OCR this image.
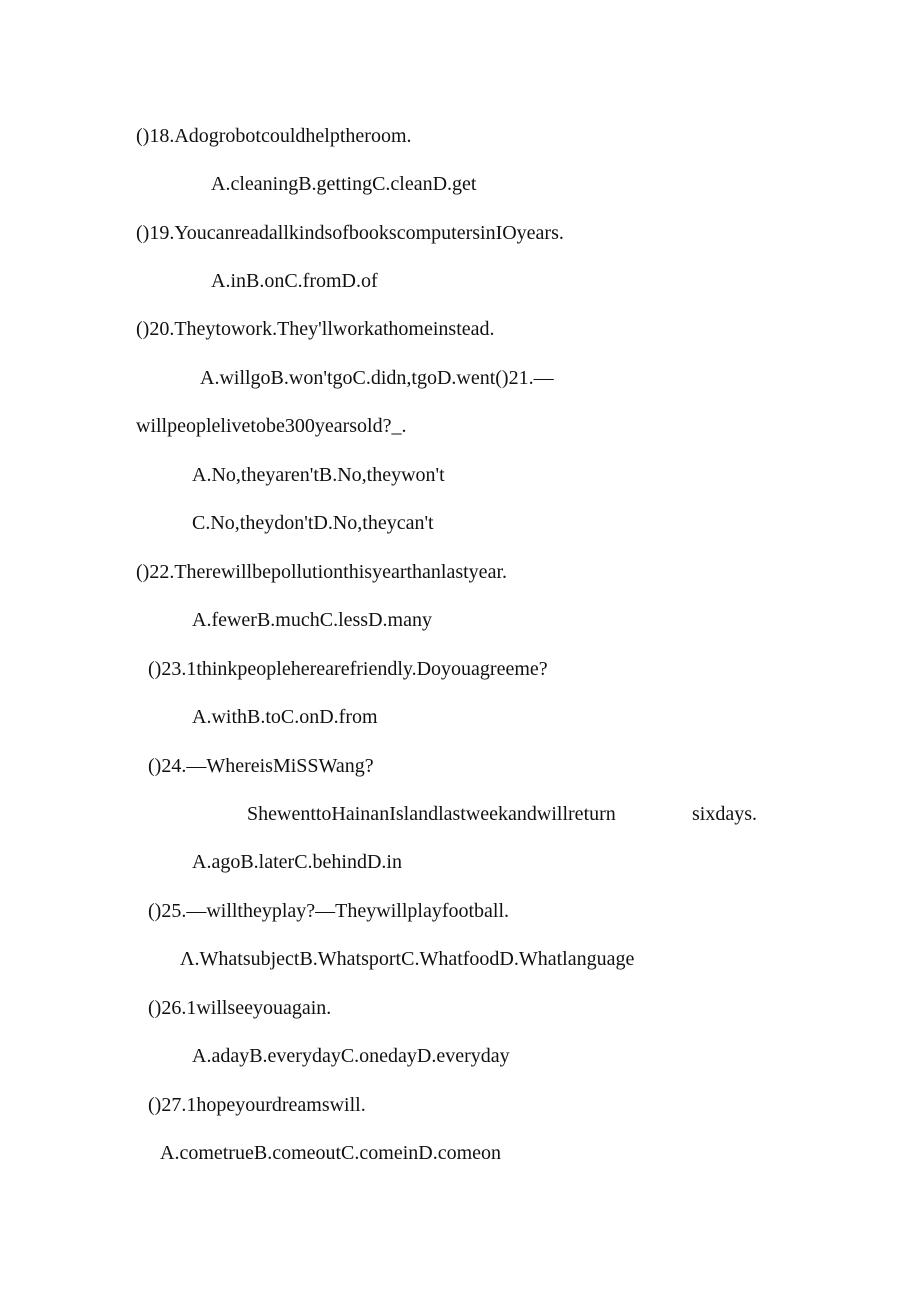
()18.Adogrobotcouldhelptheroom.
A.cleaningB.gettingC.cleanD.get
()19.YoucanreadallkindsofbookscomputersinIOyears.
A.inB.onC.fromD.of
()20.Theytowork.They'llworkathomeinstead.
A.willgoB.won'tgoC.didn,tgoD.went()21.—
willpeoplelivetobe300yearsold?_.
A.No,theyaren'tB.No,theywon't
C.No,theydon'tD.No,theycan't
()22.Therewillbepollutionthisyearthanlastyear.
A.fewerB.muchC.lessD.many
()23.1thinkpeopleherearefriendly.Doyouagreeme?
A.withB.toC.onD.from
()24.—WhereisMiSSWang?
ShewenttoHainanIslandlastweekandwillreturn	sixdays.
A.agoB.laterC.behindD.in
()25.—willtheyplay?—Theywillplayfootball.
Λ.WhatsubjectB.WhatsportC.WhatfoodD.Whatlanguage
()26.1willseeyouagain.
A.adayB.everydayC.onedayD.everyday
()27.1hopeyourdreamswill.
A.cometrueB.comeoutC.comeinD.comeon
